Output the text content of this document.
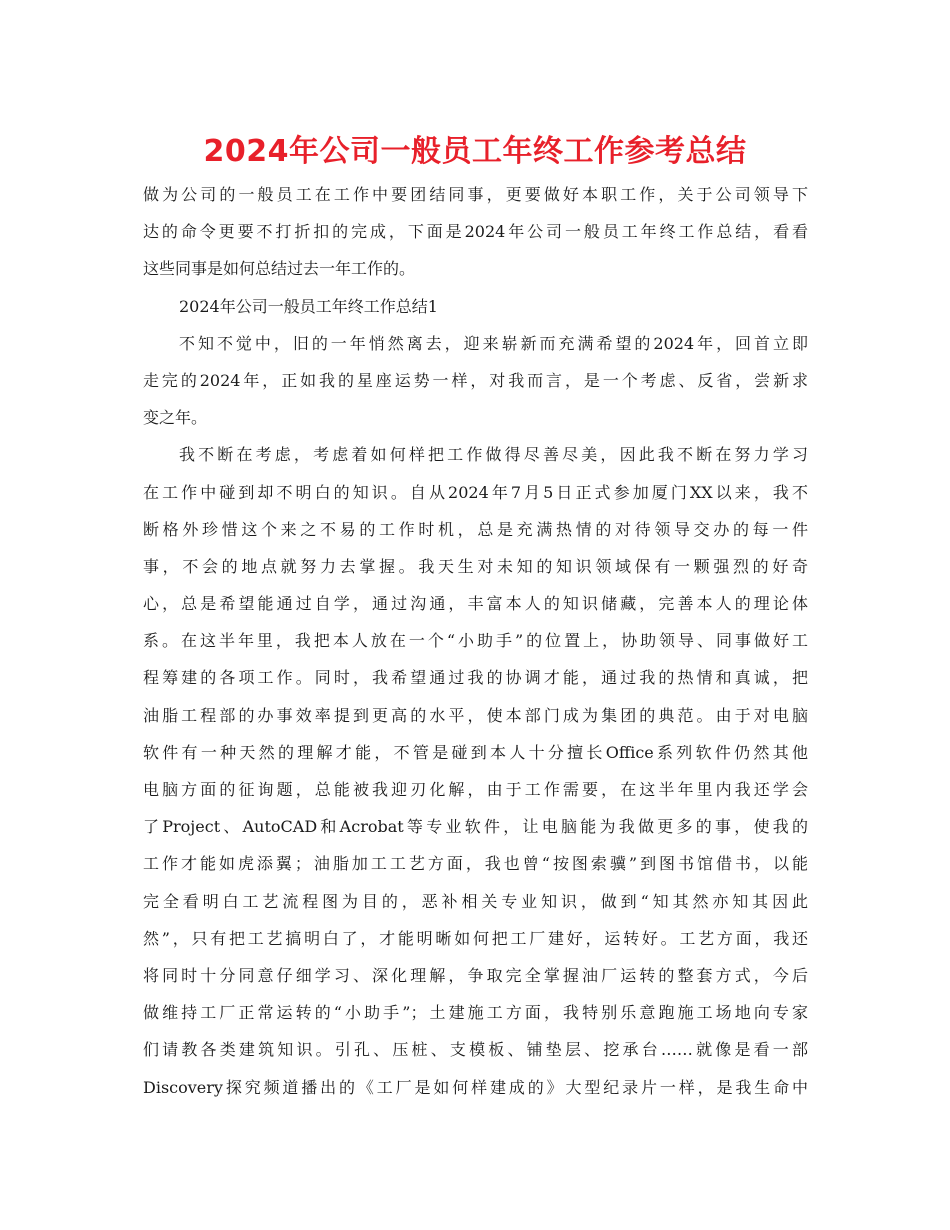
2024年公司一般员工年终工作参考总结
做为公司的一般员工在工作中要团结同事，更要做好本职工作，关于公司领导下
达的命令更要不打折扣的完成，下面是2024年公司一般员工年终工作总结，看看
这些同事是如何总结过去一年工作的。
2024年公司一般员工年终工作总结1
不知不觉中，旧的一年悄然离去，迎来崭新而充满希望的2024年，回首立即
走完的2024年，正如我的星座运势一样，对我而言，是一个考虑、反省，尝新求
变之年。
我不断在考虑，考虑着如何样把工作做得尽善尽美，因此我不断在努力学习
在工作中碰到却不明白的知识。自从2024年7月5日正式参加厦门XX以来，我不
断格外珍惜这个来之不易的工作时机，总是充满热情的对待领导交办的每一件
事，不会的地点就努力去掌握。我天生对未知的知识领域保有一颗强烈的好奇
心，总是希望能通过自学，通过沟通，丰富本人的知识储藏，完善本人的理论体
系。在这半年里，我把本人放在一个“小助手”的位置上，协助领导、同事做好工
程筹建的各项工作。同时，我希望通过我的协调才能，通过我的热情和真诚，把
油脂工程部的办事效率提到更高的水平，使本部门成为集团的典范。由于对电脑
软件有一种天然的理解才能，不管是碰到本人十分擅长Office系列软件仍然其他
电脑方面的征询题，总能被我迎刃化解，由于工作需要，在这半年里内我还学会
了Project、AutoCAD和Acrobat等专业软件，让电脑能为我做更多的事，使我的
工作才能如虎添翼；油脂加工工艺方面，我也曾“按图索骥”到图书馆借书，以能
完全看明白工艺流程图为目的，恶补相关专业知识，做到“知其然亦知其因此
然”，只有把工艺搞明白了，才能明晰如何把工厂建好，运转好。工艺方面，我还
将同时十分同意仔细学习、深化理解，争取完全掌握油厂运转的整套方式，今后
做维持工厂正常运转的“小助手”；土建施工方面，我特别乐意跑施工场地向专家
们请教各类建筑知识。引孔、压桩、支模板、铺垫层、挖承台……就像是看一部
Discovery探究频道播出的《工厂是如何样建成的》大型纪录片一样，是我生命中
